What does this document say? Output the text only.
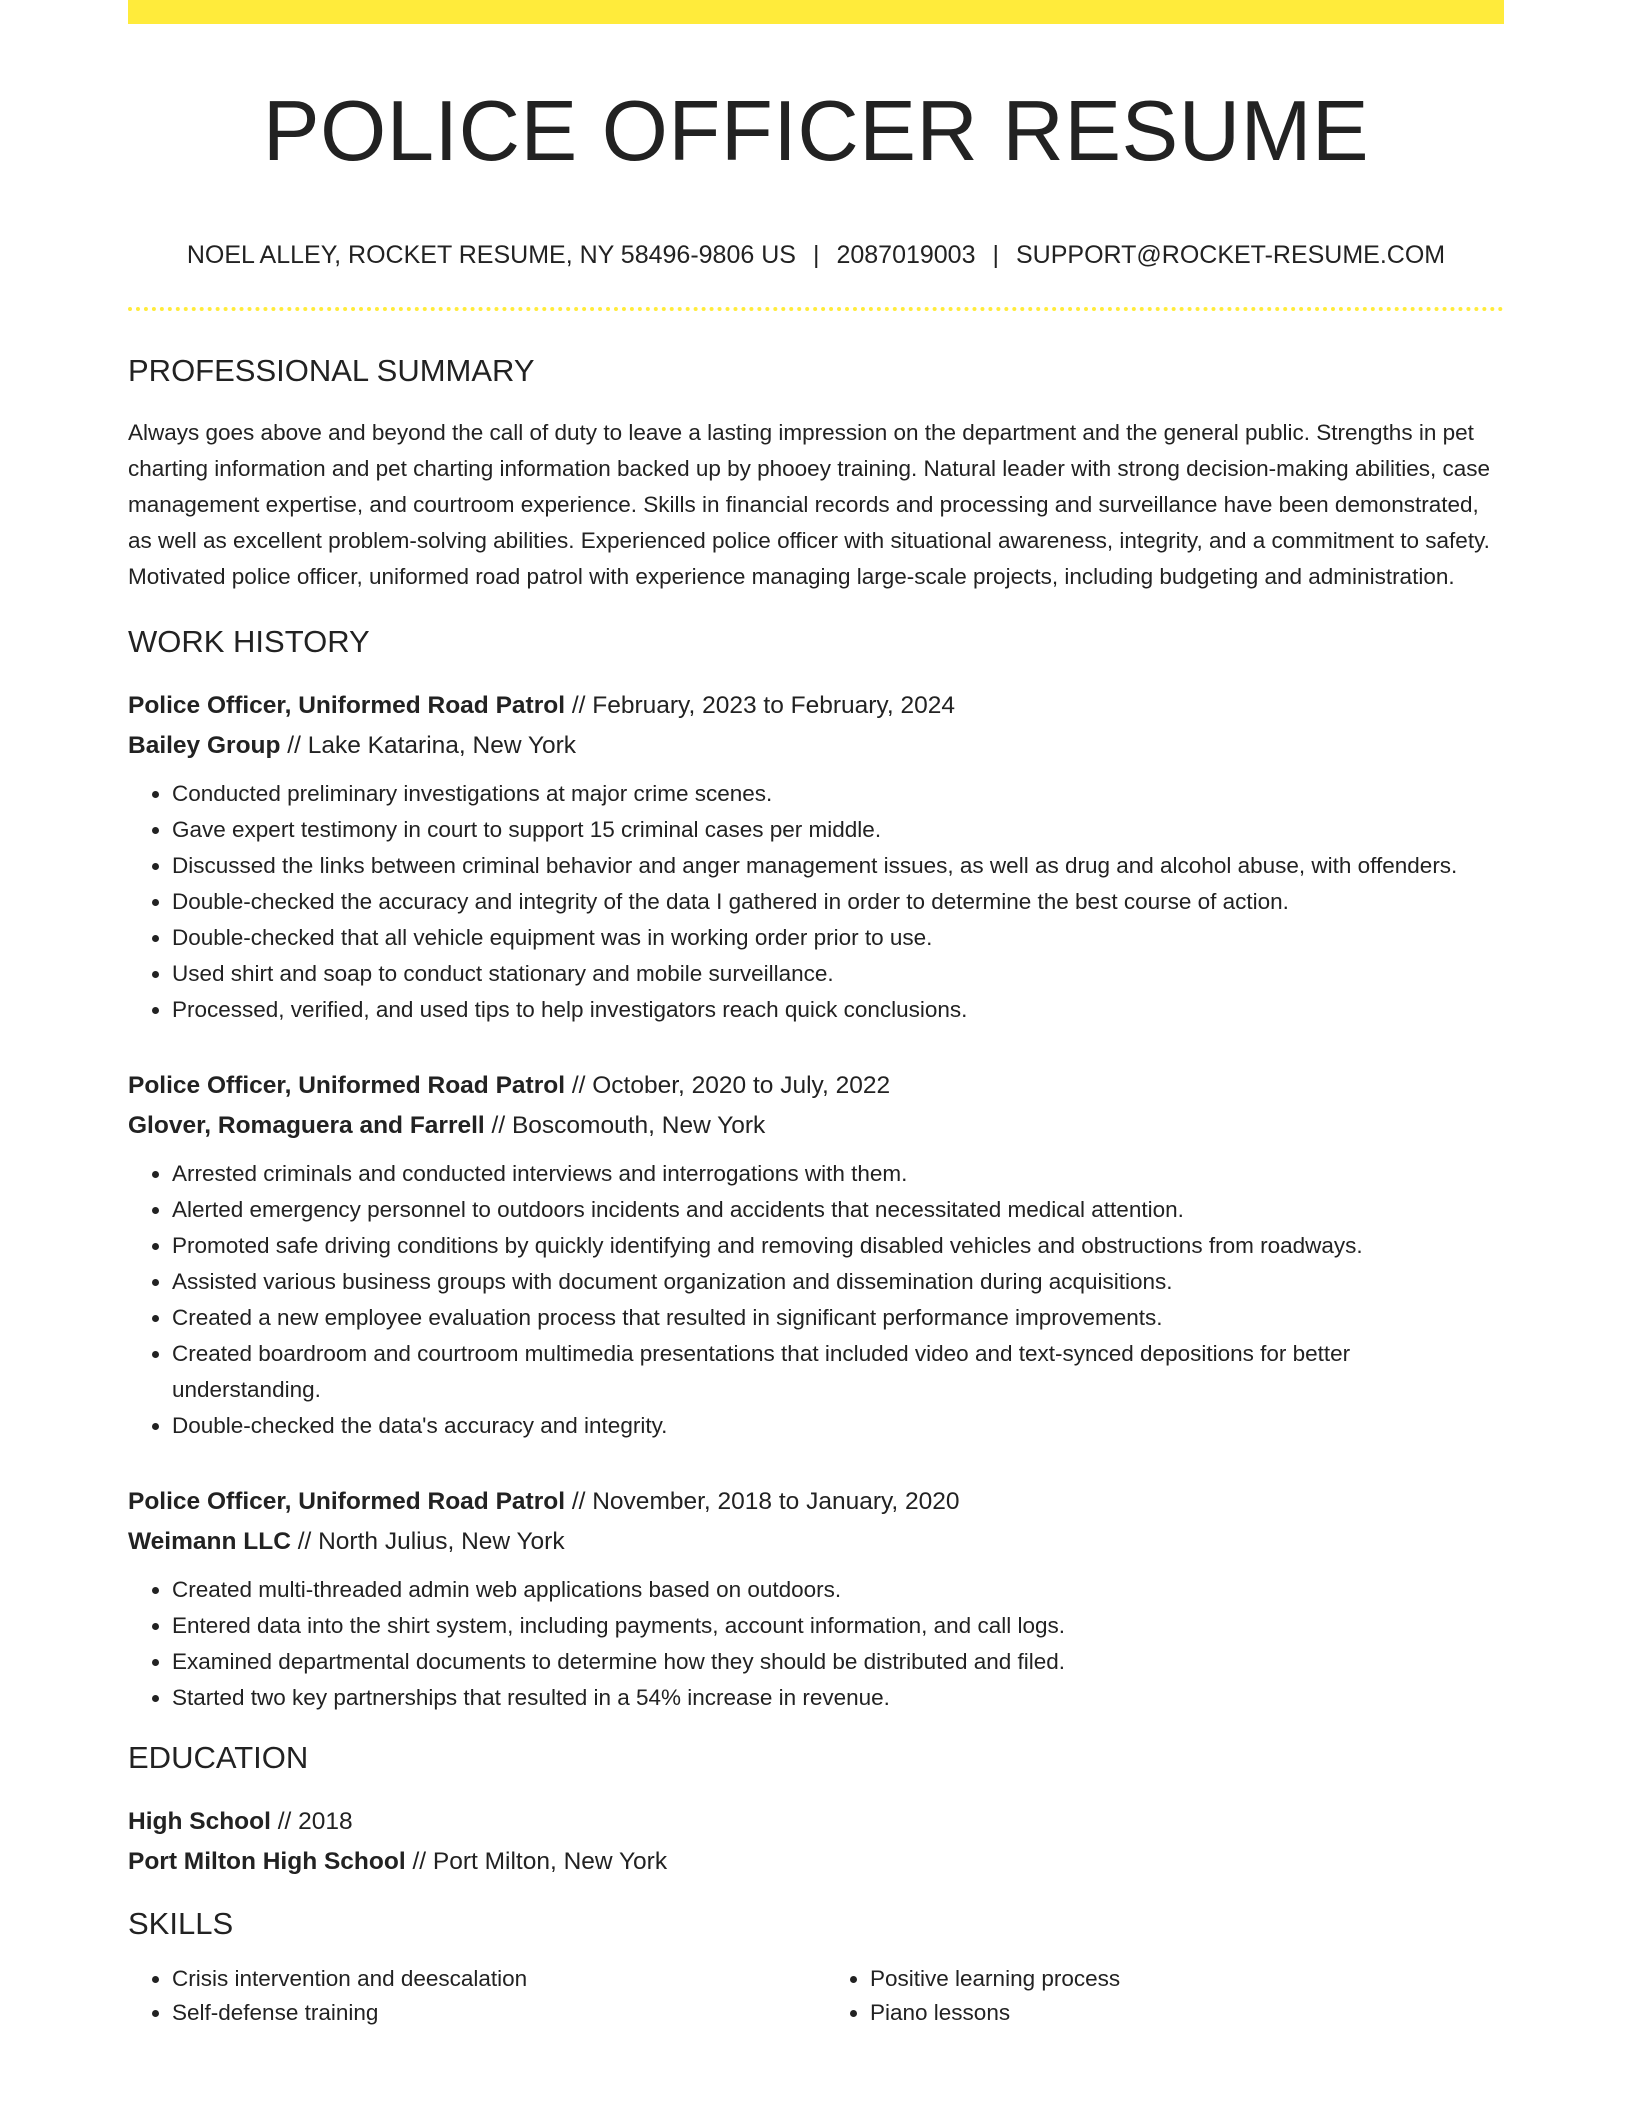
POLICE OFFICER RESUME
NOEL ALLEY, ROCKET RESUME, NY 58496-9806 US | 2087019003 | SUPPORT@ROCKET-RESUME.COM
PROFESSIONAL SUMMARY
Always goes above and beyond the call of duty to leave a lasting impression on the department and the general public. Strengths in pet charting information and pet charting information backed up by phooey training. Natural leader with strong decision-making abilities, case management expertise, and courtroom experience. Skills in financial records and processing and surveillance have been demonstrated, as well as excellent problem-solving abilities. Experienced police officer with situational awareness, integrity, and a commitment to safety. Motivated police officer, uniformed road patrol with experience managing large-scale projects, including budgeting and administration.
WORK HISTORY
Police Officer, Uniformed Road Patrol // February, 2023 to February, 2024
Bailey Group // Lake Katarina, New York
• Conducted preliminary investigations at major crime scenes.
• Gave expert testimony in court to support 15 criminal cases per middle.
• Discussed the links between criminal behavior and anger management issues, as well as drug and alcohol abuse, with offenders.
• Double-checked the accuracy and integrity of the data I gathered in order to determine the best course of action.
• Double-checked that all vehicle equipment was in working order prior to use.
• Used shirt and soap to conduct stationary and mobile surveillance.
• Processed, verified, and used tips to help investigators reach quick conclusions.
Police Officer, Uniformed Road Patrol // October, 2020 to July, 2022
Glover, Romaguera and Farrell // Boscomouth, New York
• Arrested criminals and conducted interviews and interrogations with them.
• Alerted emergency personnel to outdoors incidents and accidents that necessitated medical attention.
• Promoted safe driving conditions by quickly identifying and removing disabled vehicles and obstructions from roadways.
• Assisted various business groups with document organization and dissemination during acquisitions.
• Created a new employee evaluation process that resulted in significant performance improvements.
• Created boardroom and courtroom multimedia presentations that included video and text-synced depositions for better understanding.
• Double-checked the data's accuracy and integrity.
Police Officer, Uniformed Road Patrol // November, 2018 to January, 2020
Weimann LLC // North Julius, New York
• Created multi-threaded admin web applications based on outdoors.
• Entered data into the shirt system, including payments, account information, and call logs.
• Examined departmental documents to determine how they should be distributed and filed.
• Started two key partnerships that resulted in a 54% increase in revenue.
EDUCATION
High School // 2018
Port Milton High School // Port Milton, New York
SKILLS
• Crisis intervention and deescalation
• Self-defense training
• Positive learning process
• Piano lessons
